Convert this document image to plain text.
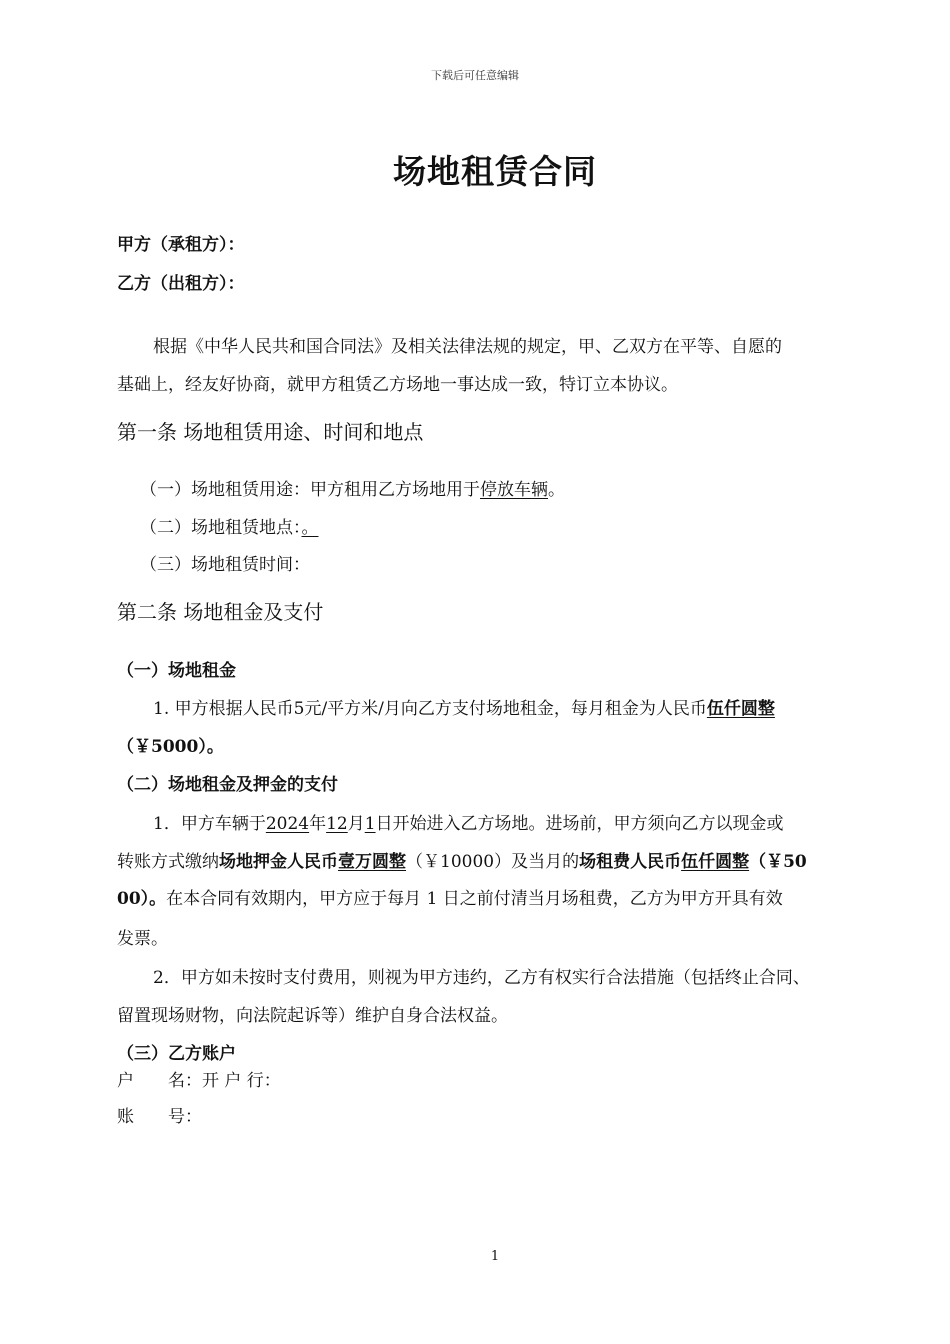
下载后可任意编辑
场地租赁合同
甲方（承租方）：
乙方（出租方）：
根据《中华人民共和国合同法》及相关法律法规的规定，甲、乙双方在平等、自愿的
基础上，经友好协商，就甲方租赁乙方场地一事达成一致，特订立本协议。
第一条 场地租赁用途、时间和地点
（一）场地租赁用途：甲方租用乙方场地用于停放车辆。
（二）场地租赁地点：。
（三）场地租赁时间：
第二条 场地租金及支付
（一）场地租金
1. 甲方根据人民币5元/平方米/月向乙方支付场地租金，每月租金为人民币伍仟圆整
（￥5000）。
（二）场地租金及押金的支付
1．甲方车辆于2024年12月1日开始进入乙方场地。进场前，甲方须向乙方以现金或
转账方式缴纳场地押金人民币壹万圆整（￥10000）及当月的场租费人民币伍仟圆整（￥50
00）。在本合同有效期内，甲方应于每月 1 日之前付清当月场租费，乙方为甲方开具有效
发票。
2．甲方如未按时支付费用，则视为甲方违约，乙方有权实行合法措施（包括终止合同、
留置现场财物，向法院起诉等）维护自身合法权益。
（三）乙方账户
户　　名：开 户 行：
账　　号：
1
